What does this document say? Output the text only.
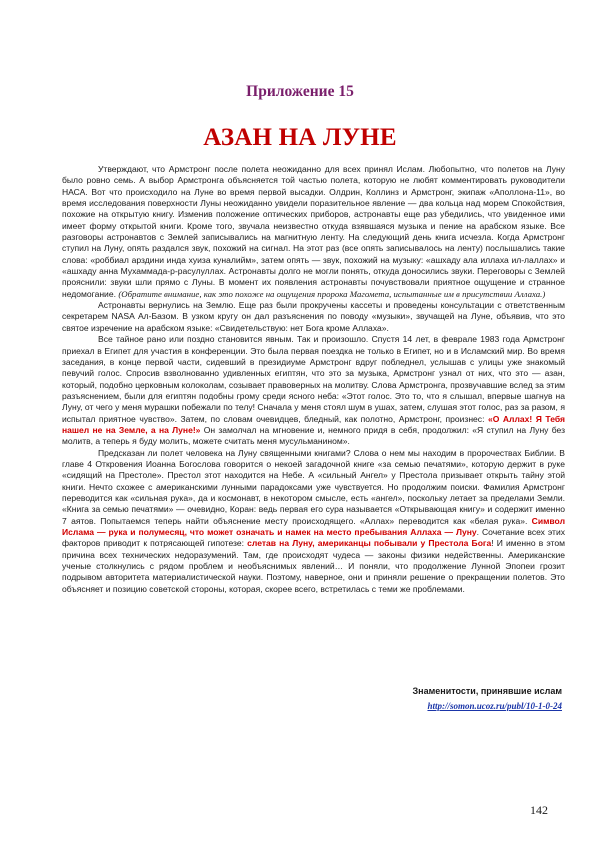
Приложение 15
АЗАН НА ЛУНЕ

Утверждают, что Армстронг после полета неожиданно для всех принял Ислам. Любопытно, что полетов на Луну было ровно семь. А выбор Армстронга объясняется той частью полета, которую не любят комментировать руководители НАСА. Вот что происходило на Луне во время первой высадки. Олдрин, Коллинз и Армстронг, экипаж «Аполлона-11», во время исследования поверхности Луны неожиданно увидели поразительное явление — два кольца над морем Спокойствия, похожие на открытую книгу. Изменив положение оптических приборов, астронавты еще раз убедились, что увиденное ими имеет форму открытой книги. Кроме того, звучала неизвестно откуда взявшаяся музыка и пение на арабском языке. Все разговоры астронавтов с Землей записывались на магнитную ленту. На следующий день книга исчезла. Когда Армстронг ступил на Луну, опять раздался звук, похожий на сигнал. На этот раз (все опять записывалось на ленту) послышались такие слова: «роббиал арздини инда хуиза куналийм», затем опять — звук, похожий на музыку: «ашхаду ала иллаха ил-лаллах» и «ашхаду анна Мухаммада-р-расулуллах. Астронавты долго не могли понять, откуда доносились звуки. Переговоры с Землей прояснили: звуки шли прямо с Луны. В момент их появления астронавты почувствовали приятное ощущение и странное недомогание. (Обратите внимание, как это похоже на ощущения пророка Магомета, испытанные им в присутствии Аллаха.)

Астронавты вернулись на Землю. Еще раз были прокручены кассеты и проведены консультации с ответственным секретарем NASA Ал-Базом. В узком кругу он дал разъяснения по поводу «музыки», звучащей на Луне, объявив, что это святое изречение на арабском языке: «Свидетельствую: нет Бога кроме Аллаха».

Все тайное рано или поздно становится явным. Так и произошло. Спустя 14 лет, в феврале 1983 года Армстронг приехал в Египет для участия в конференции. Это была первая поездка не только в Египет, но и в Исламский мир. Во время заседания, в конце первой части, сидевший в президиуме Армстронг вдруг побледнел, услышав с улицы уже знакомый певучий голос. Спросив взволнованно удивленных египтян, что это за музыка, Армстронг узнал от них, что это — азан, который, подобно церковным колоколам, созывает правоверных на молитву. Слова Армстронга, прозвучавшие вслед за этим разъяснением, были для египтян подобны грому среди ясного неба: «Этот голос. Это то, что я слышал, впервые шагнув на Луну, от чего у меня мурашки побежали по телу! Сначала у меня стоял шум в ушах, затем, слушая этот голос, раз за разом, я испытал приятное чувство». Затем, по словам очевидцев, бледный, как полотно, Армстронг, произнес: «О Аллах! Я Тебя нашел не на Земле, а на Луне!» Он замолчал на мгновение и, немного придя в себя, продолжил: «Я ступил на Луну без молитв, а теперь я буду молить, можете считать меня мусульманином».

Предсказан ли полет человека на Луну священными книгами? Слова о нем мы находим в пророчествах Библии. В главе 4 Откровения Иоанна Богослова говорится о некоей загадочной книге «за семью печатями», которую держит в руке «сидящий на Престоле». Престол этот находится на Небе. А «сильный Ангел» у Престола призывает открыть тайну этой книги. Нечто схожее с американскими лунными парадоксами уже чувствуется. Но продолжим поиски. Фамилия Армстронг переводится как «сильная рука», да и космонавт, в некотором смысле, есть «ангел», поскольку летает за пределами Земли. «Книга за семью печатями» — очевидно, Коран: ведь первая его сура называется «Открывающая книгу» и содержит именно 7 аятов. Попытаемся теперь найти объяснение месту происходящего. «Аллах» переводится как «белая рука». Символ Ислама — рука и полумесяц, что может означать и намек на место пребывания Аллаха — Луну. Сочетание всех этих факторов приводит к потрясающей гипотезе: слетав на Луну, американцы побывали у Престола Бога! И именно в этом причина всех технических недоразумений. Там, где происходят чудеса — законы физики недейственны. Американские ученые столкнулись с рядом проблем и необъяснимых явлений… И поняли, что продолжение Лунной Эпопеи грозит подрывом авторитета материалистической науки. Поэтому, наверное, они и приняли решение о прекращении полетов. Это объясняет и позицию советской стороны, которая, скорее всего, встретилась с теми же проблемами.

Знаменитости, принявшие ислам
http://somon.ucoz.ru/publ/10-1-0-24
142
